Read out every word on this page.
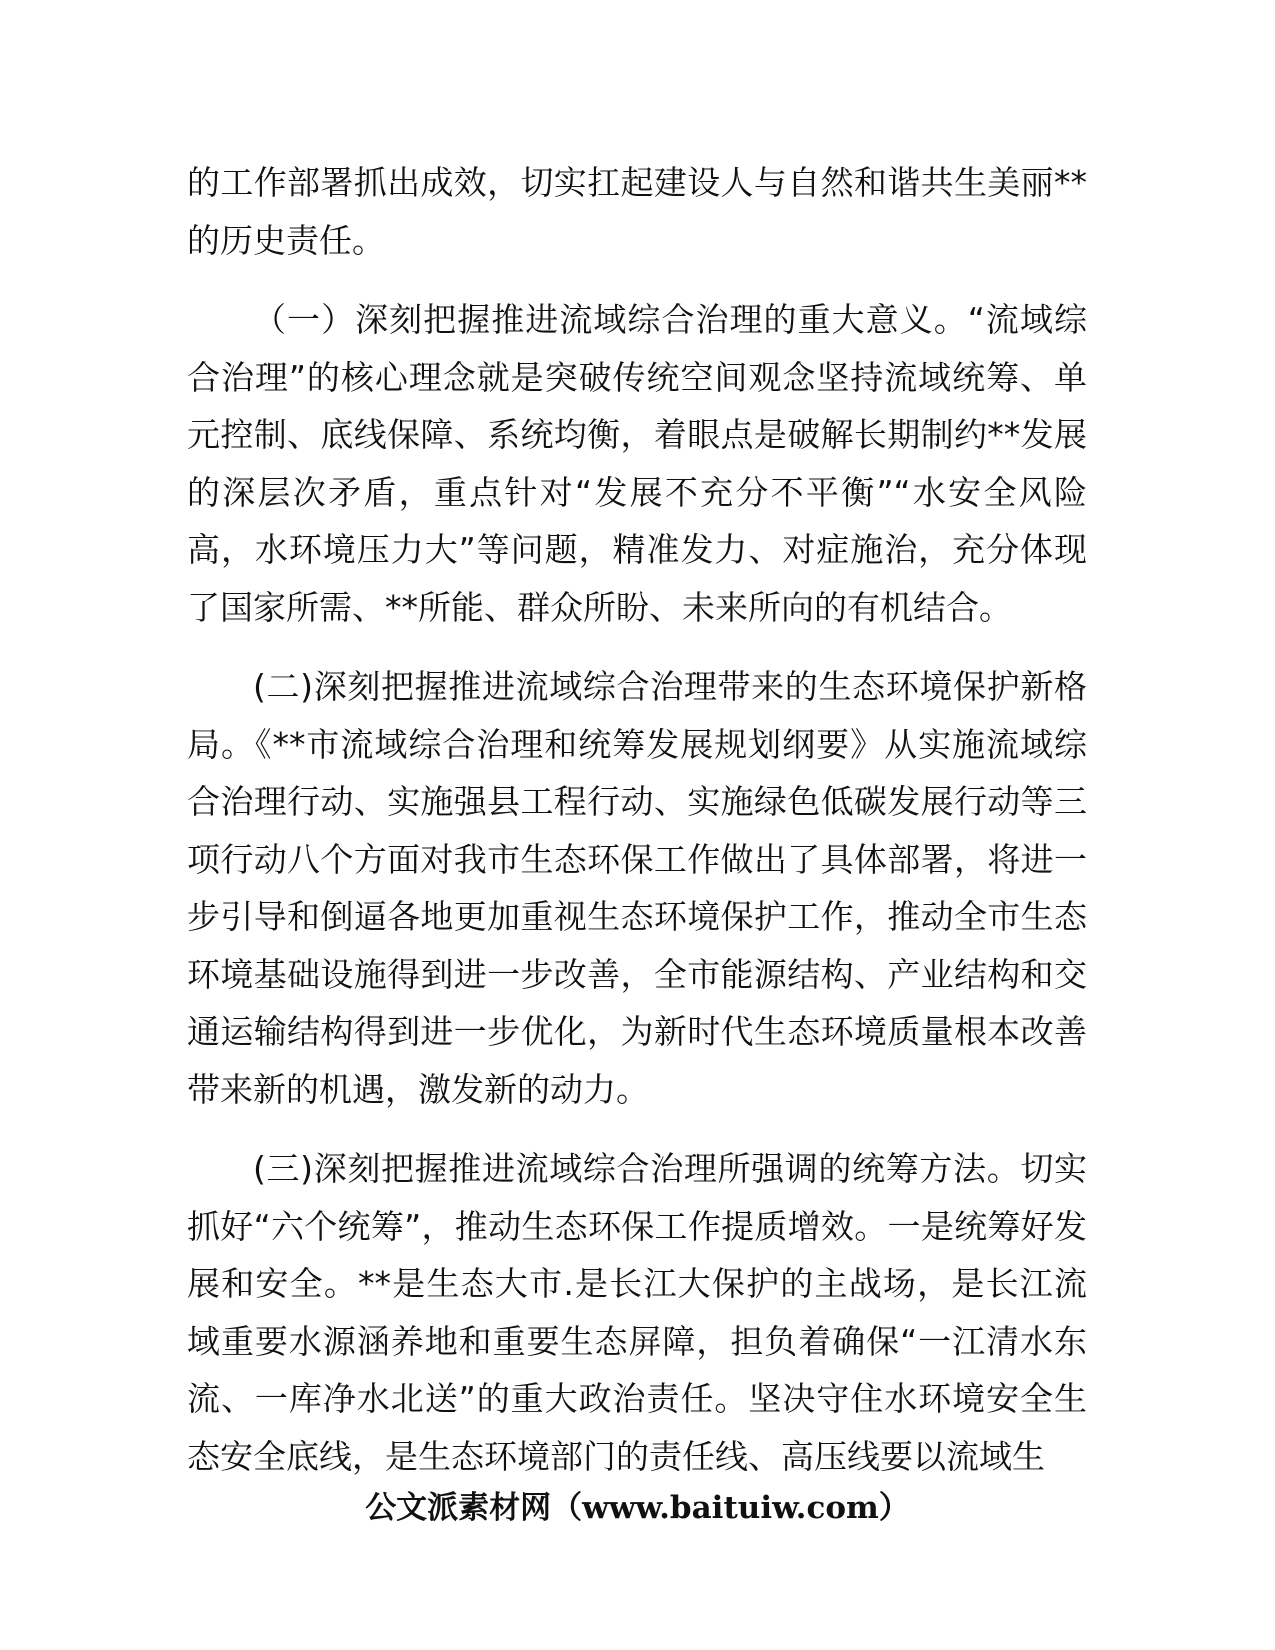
的工作部署抓出成效，切实扛起建设人与自然和谐共生美丽**的历史责任。

（一）深刻把握推进流域综合治理的重大意义。“流域综合治理”的核心理念就是突破传统空间观念坚持流域统筹、单元控制、底线保障、系统均衡，着眼点是破解长期制约**发展的深层次矛盾，重点针对“发展不充分不平衡”“水安全风险高，水环境压力大”等问题，精准发力、对症施治，充分体现了国家所需、**所能、群众所盼、未来所向的有机结合。

(二)深刻把握推进流域综合治理带来的生态环境保护新格局。《**市流域综合治理和统筹发展规划纲要》从实施流域综合治理行动、实施强县工程行动、实施绿色低碳发展行动等三项行动八个方面对我市生态环保工作做出了具体部署，将进一步引导和倒逼各地更加重视生态环境保护工作，推动全市生态环境基础设施得到进一步改善，全市能源结构、产业结构和交通运输结构得到进一步优化，为新时代生态环境质量根本改善带来新的机遇，激发新的动力。

(三)深刻把握推进流域综合治理所强调的统筹方法。切实抓好“六个统筹”，推动生态环保工作提质增效。一是统筹好发展和安全。**是生态大市.是长江大保护的主战场，是长江流域重要水源涵养地和重要生态屏障，担负着确保“一江清水东流、一库净水北送”的重大政治责任。坚决守住水环境安全生态安全底线，是生态环境部门的责任线、高压线要以流域生

公文派素材网（www.baituiw.com）
